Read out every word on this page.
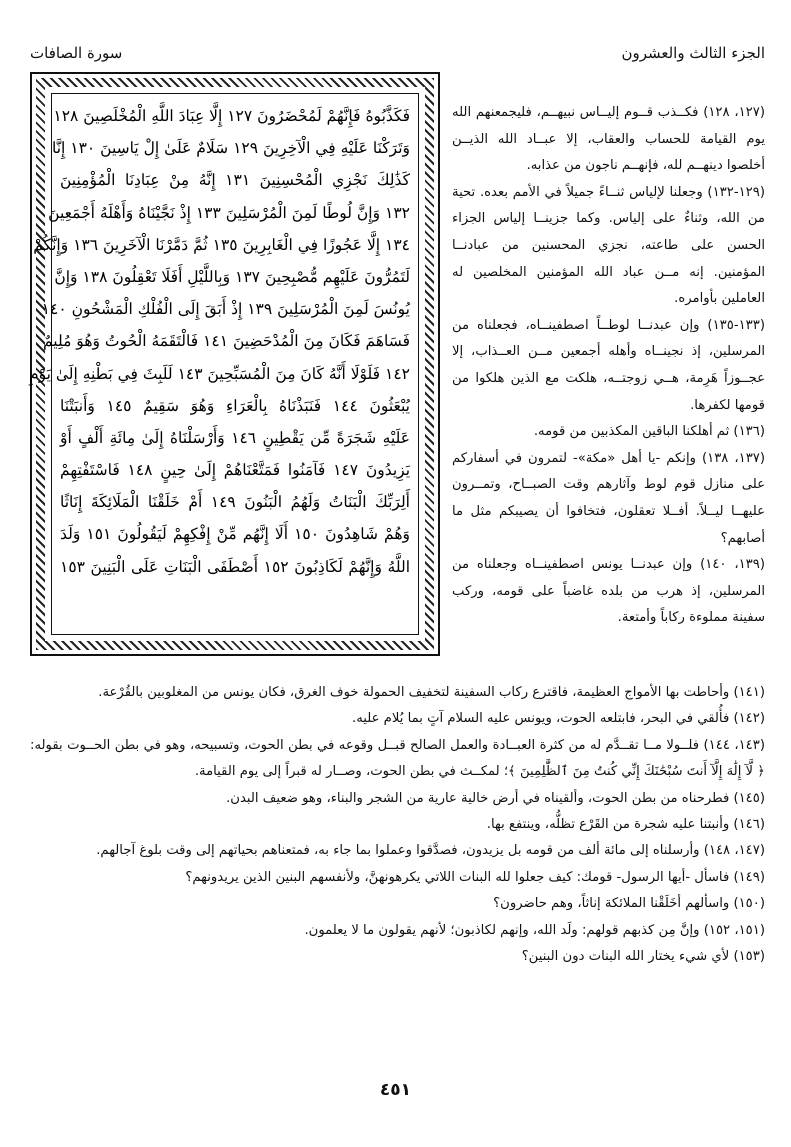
سورة الصافات	الجزء الثالث والعشرون
فَكَذَّبُوهُ فَإِنَّهُمْ لَمُحْضَرُونَ ١٢٧ إِلَّا عِبَادَ اللَّهِ الْمُخْلَصِينَ ١٢٨
وَتَرَكْنَا عَلَيْهِ فِي الْآخِرِينَ ١٢٩ سَلَامٌ عَلَىٰ إِلْ يَاسِينَ ١٣٠ إِنَّا
كَذَٰلِكَ نَجْزِي الْمُحْسِنِينَ ١٣١ إِنَّهُ مِنْ عِبَادِنَا الْمُؤْمِنِينَ
١٣٢ وَإِنَّ لُوطًا لَمِنَ الْمُرْسَلِينَ ١٣٣ إِذْ نَجَّيْنَاهُ وَأَهْلَهُ أَجْمَعِينَ
١٣٤ إِلَّا عَجُوزًا فِي الْغَابِرِينَ ١٣٥ ثُمَّ دَمَّرْنَا الْآخَرِينَ ١٣٦ وَإِنَّكُمْ
لَتَمُرُّونَ عَلَيْهِم مُّصْبِحِينَ ١٣٧ وَبِاللَّيْلِ أَفَلَا تَعْقِلُونَ ١٣٨ وَإِنَّ
يُونُسَ لَمِنَ الْمُرْسَلِينَ ١٣٩ إِذْ أَبَقَ إِلَى الْفُلْكِ الْمَشْحُونِ ١٤٠
فَسَاهَمَ فَكَانَ مِنَ الْمُدْحَضِينَ ١٤١ فَالْتَقَمَهُ الْحُوتُ وَهُوَ مُلِيمٌ
١٤٢ فَلَوْلَا أَنَّهُ كَانَ مِنَ الْمُسَبِّحِينَ ١٤٣ لَلَبِثَ فِي بَطْنِهِ إِلَىٰ يَوْمِ
يُبْعَثُونَ ١٤٤ فَنَبَذْنَاهُ بِالْعَرَاءِ وَهُوَ سَقِيمٌ ١٤٥ وَأَنبَتْنَا
عَلَيْهِ شَجَرَةً مِّن يَقْطِينٍ ١٤٦ وَأَرْسَلْنَاهُ إِلَىٰ مِائَةِ أَلْفٍ أَوْ
يَزِيدُونَ ١٤٧ فَآمَنُوا فَمَتَّعْنَاهُمْ إِلَىٰ حِينٍ ١٤٨ فَاسْتَفْتِهِمْ
أَلِرَبِّكَ الْبَنَاتُ وَلَهُمُ الْبَنُونَ ١٤٩ أَمْ خَلَقْنَا الْمَلَائِكَةَ إِنَاثًا
وَهُمْ شَاهِدُونَ ١٥٠ أَلَا إِنَّهُم مِّنْ إِفْكِهِمْ لَيَقُولُونَ ١٥١ وَلَدَ
اللَّهُ وَإِنَّهُمْ لَكَاذِبُونَ ١٥٢ أَصْطَفَى الْبَنَاتِ عَلَى الْبَنِينَ ١٥٣

(١٢٧، ١٢٨) فكــذب قــوم إليــاس نبيهــم، فليجمعنهم الله يوم القيامة للحساب والعقاب، إلا عبــاد الله الذيــن أخلصوا دينهــم لله، فإنهــم ناجون من عذابه.

(١٢٩-١٣٢) وجعلنا لإلياس ثنــاءً جميلاً في الأمم بعده. تحية من الله، وثناءٌ على إلياس. وكما جزينــا إلياس الجزاء الحسن على طاعته، نجزي المحسنين من عبادنــا المؤمنين. إنه مــن عباد الله المؤمنين المخلصين له العاملين بأوامره.

(١٣٣-١٣٥) وإن عبدنــا لوطــاً اصطفينــاه، فجعلناه من المرسلين، إذ نجينــاه وأهله أجمعين مــن العــذاب، إلا عجــوزاً هَرِمة، هــي زوجتــه، هلكت مع الذين هلكوا من قومها لكفرها.

(١٣٦) ثم أهلكنا الباقين المكذبين من قومه.

(١٣٧، ١٣٨) وإنكم -يا أهل «مكة»- لتمرون في أسفاركم على منازل قوم لوط وآثارهم وقت الصبــاح، وتمــرون عليهــا ليــلاً. أفــلا تعقلون، فتخافوا أن يصيبكم مثل ما أصابهم؟

(١٣٩، ١٤٠) وإن عبدنــا يونس اصطفينــاه وجعلناه من المرسلين، إذ هرب من بلده غاضباً على قومه، وركب سفينة مملوءة ركاباً وأمتعة.

(١٤١) وأحاطت بها الأمواج العظيمة، فاقترع ركاب السفينة لتخفيف الحمولة خوف الغرق، فكان يونس من المغلوبين بالقُرْعة.

(١٤٢) فأُلقي في البحر، فابتلعه الحوت، ويونس عليه السلام آتٍ بما يُلام عليه.

(١٤٣، ١٤٤) فلــولا مــا تقــدَّم له من كثرة العبــادة والعمل الصالح قبــل وقوعه في بطن الحوت، وتسبيحه، وهو في بطن الحــوت بقوله: ﴿ لَّآ إِلَٰهَ إِلَّآ أَنتَ سُبْحَٰنَكَ إِنِّي كُنتُ مِنَ ٱلظَّٰلِمِينَ ﴾؛ لمكــث في بطن الحوت، وصــار له قبراً إلى يوم القيامة.

(١٤٥) فطرحناه من بطن الحوت، وألقيناه في أرض خالية عارية من الشجر والبناء، وهو ضعيف البدن.

(١٤٦) وأنبتنا عليه شجرة من القَرْع تظلُّه، وينتفع بها.

(١٤٧، ١٤٨) وأرسلناه إلى مائة ألف من قومه بل يزيدون، فصدَّقوا وعملوا بما جاء به، فمتعناهم بحياتهم إلى وقت بلوغ آجالهم.

(١٤٩) فاسأل -أيها الرسول- قومك: كيف جعلوا لله البنات اللاتي يكرهونهنَّ، ولأنفسهم البنين الذين يريدونهم؟

(١٥٠) واسألهم أخَلَقْنا الملائكة إناثاً، وهم حاضرون؟

(١٥١، ١٥٢) وإنَّ مِن كذبهم قولهم: ولَد الله، وإنهم لكاذبون؛ لأنهم يقولون ما لا يعلمون.

(١٥٣) لأي شيء يختار الله البنات دون البنين؟

٤٥١
